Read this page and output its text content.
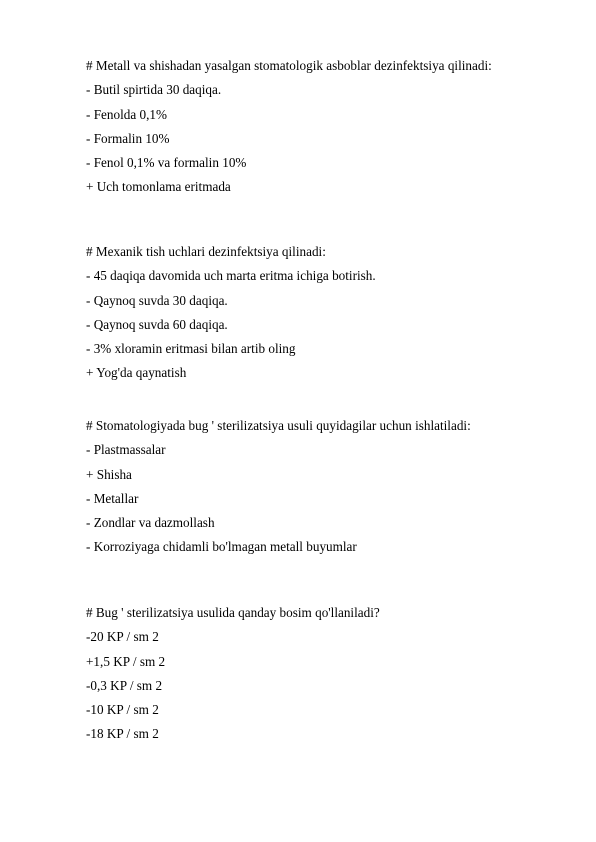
# Metall va shishadan yasalgan stomatologik asboblar dezinfektsiya qilinadi:
- Butil spirtida 30 daqiqa.
- Fenolda 0,1%
- Formalin 10%
- Fenol 0,1% va formalin 10%
+ Uch tomonlama eritmada
# Mexanik tish uchlari dezinfektsiya qilinadi:
- 45 daqiqa davomida uch marta eritma ichiga botirish.
- Qaynoq suvda 30 daqiqa.
- Qaynoq suvda 60 daqiqa.
- 3% xloramin eritmasi bilan artib oling
+ Yog'da qaynatish
# Stomatologiyada bug ' sterilizatsiya usuli quyidagilar uchun ishlatiladi:
- Plastmassalar
+ Shisha
- Metallar
- Zondlar va dazmollash
- Korroziyaga chidamli bo'lmagan metall buyumlar
# Bug ' sterilizatsiya usulida qanday bosim qo'llaniladi?
-20 KP / sm 2
+1,5 KP / sm 2
-0,3 KP / sm 2
-10 KP / sm 2
-18 KP / sm 2
